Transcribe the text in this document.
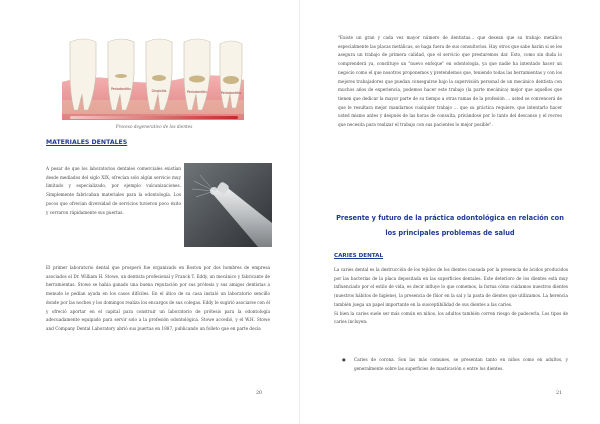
Periodontitis	Gingivitis	Periodontitis	Periodontitis
Proceso degenerativo de los dientes
MATERIALES DENTALES
A pesar de que los laboratorios dentales comerciales existían desde mediados del siglo XIX, ofrecían solo algún servicio muy limitado y especializado, por ejemplo vulcanizaciones. Simplemente fabricaban materiales para la odontología. Los pocos que ofrecían diversidad de servicios tuvieron poco éxito y cerraron rápidamente sus puertas.
El primer laboratorio dental que prosperó fue organizado en Boston por dos hombres de empresa asociados el Dr. William H. Stowe, un dentista profesional y Franck T. Eddy, un mecánico y fabricante de herramientas. Stowe se había ganado una buena reputación por sus prótesis y sus amigos dentistas a menudo le pedían ayuda en los casos difíciles. En el ático de su casa instaló un laboratorio sencillo donde por las noches y los domingos realiza los encargos de sus colegas. Eddy le sugirió asociarse con él y ofreció aportar en el capital para construir un laboratorio de prótesis para la odontología adecuadamente equipado para servir solo a la profesión odontológica. Stowe accedió, y el W.H. Stowe and Company Dental Laboratory abrió sus puertas en 1887, publicando un folleto que en parte decía
20
"Existe un gran y cada vez mayor número de dentistas... que desean que su trabajo metálico especialmente las placas metálicas, se haga fuera de sus consultorios. Hay otros que sabe harán si se les asegura un trabajo de primera calidad, que el servicio que prestaremos dar. Esto, como sin duda lo comprenderá ya, constituye un "nuevo enfoque" en odontología, ya que nadie ha intentado hacer un negocio como el que nosotros proponemos y pretendemos que, teniendo todas las herramientas y con los mejores trabajadores que puedan conseguirse bajo la supervisión personal de un mecánico dentista con muchos años de experiencia, podemos hacer este trabajo (la parte mecánica) mejor que aquellos que tienen que dedicar la mayor parte de su tiempo a otras ramas de la profesión ... usted se convencerá de que le resultara mejor mandarnos cualquier trabajo ... que su práctica requiere, que intentarlo hacer usted mismo antes y después de las horas de consulta, privándose por lo tanto del descanso y el recreo que necesita para realizar el trabajo con sus pacientes lo mejor posible".
Presente y futuro de la práctica odontológica en relación con los principales problemas de salud
CARIES DENTAL
La caries dental es la destrucción de los tejidos de los dientes causada por la presencia de ácidos producidos por las bacterias de la placa depositada en las superficies dentales. Este deterioro de los dientes está muy influenciado por el estilo de vida, es decir influye lo que comemos, la forma cómo cuidamos nuestros dientes (nuestros hábitos de higiene), la presencia de flúor en la sal y la pasta de dientes que utilizamos. La herencia también juega un papel importante en la susceptibilidad de sus dientes a las caries.
Si bien la caries suele ser más común en niños, los adultos también corren riesgo de padecerla. Los tipos de caries incluyen:
● Caries de corona. Son las más comunes, se presentan tanto en niños como en adultos, y generalmente sobre las superficies de masticación o entre los dientes.
21
